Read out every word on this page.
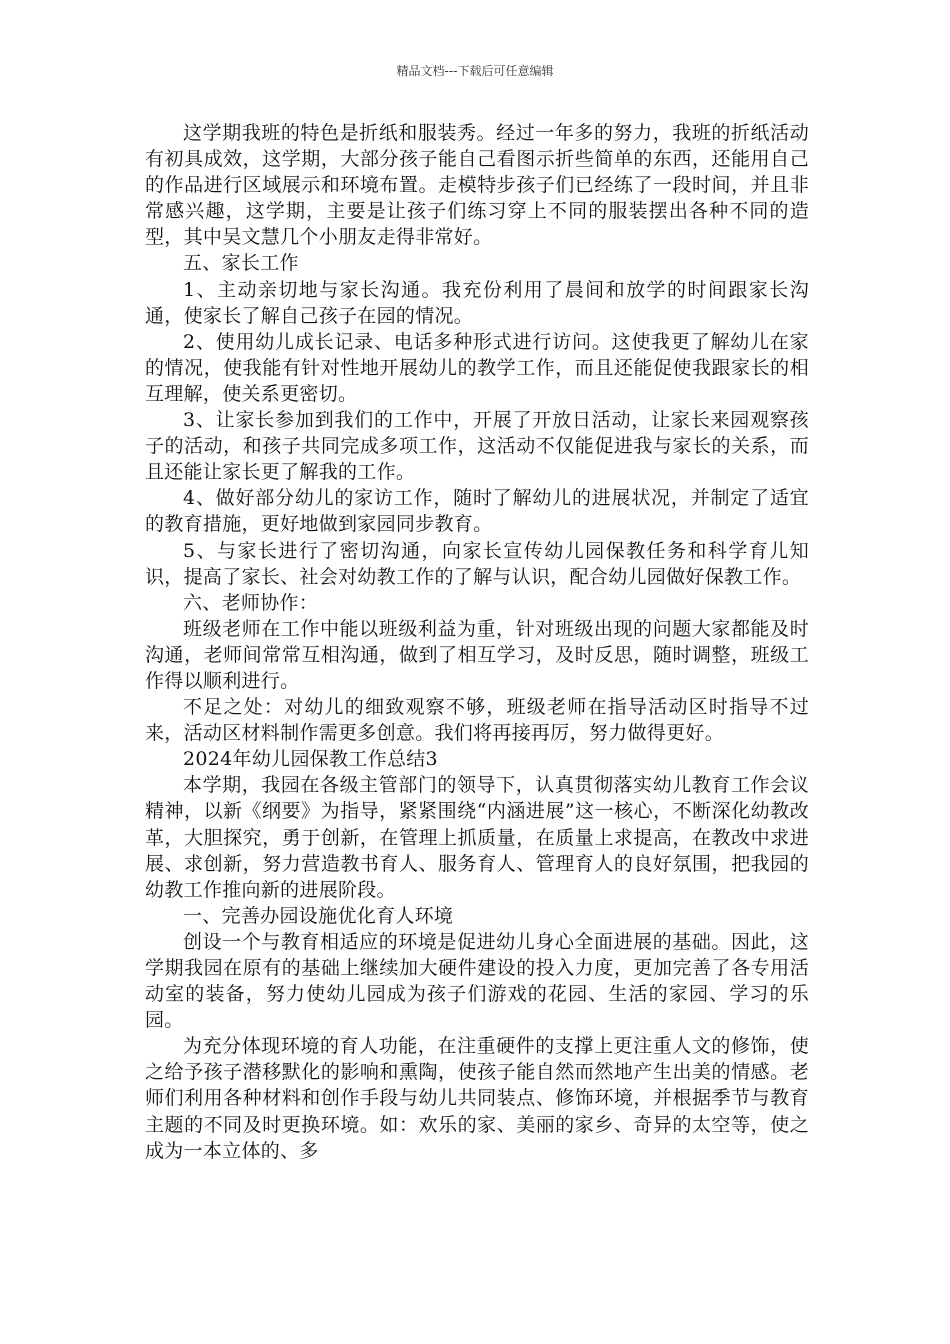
精品文档---下载后可任意编辑

这学期我班的特色是折纸和服装秀。经过一年多的努力，我班的折纸活动有初具成效，这学期，大部分孩子能自己看图示折些简单的东西，还能用自己的作品进行区域展示和环境布置。走模特步孩子们已经练了一段时间，并且非常感兴趣，这学期，主要是让孩子们练习穿上不同的服装摆出各种不同的造型，其中吴文慧几个小朋友走得非常好。

五、家长工作

1、主动亲切地与家长沟通。我充份利用了晨间和放学的时间跟家长沟通，使家长了解自己孩子在园的情况。

2、使用幼儿成长记录、电话多种形式进行访问。这使我更了解幼儿在家的情况，使我能有针对性地开展幼儿的教学工作，而且还能促使我跟家长的相互理解，使关系更密切。

3、让家长参加到我们的工作中，开展了开放日活动，让家长来园观察孩子的活动，和孩子共同完成多项工作，这活动不仅能促进我与家长的关系，而且还能让家长更了解我的工作。

4、做好部分幼儿的家访工作，随时了解幼儿的进展状况，并制定了适宜的教育措施，更好地做到家园同步教育。

5、与家长进行了密切沟通，向家长宣传幼儿园保教任务和科学育儿知识，提高了家长、社会对幼教工作的了解与认识，配合幼儿园做好保教工作。

六、老师协作：

班级老师在工作中能以班级利益为重，针对班级出现的问题大家都能及时沟通，老师间常常互相沟通，做到了相互学习，及时反思，随时调整，班级工作得以顺利进行。

不足之处：对幼儿的细致观察不够，班级老师在指导活动区时指导不过来，活动区材料制作需更多创意。我们将再接再厉，努力做得更好。

2024年幼儿园保教工作总结3

本学期，我园在各级主管部门的领导下，认真贯彻落实幼儿教育工作会议精神，以新《纲要》为指导，紧紧围绕“内涵进展”这一核心，不断深化幼教改革，大胆探究，勇于创新，在管理上抓质量，在质量上求提高，在教改中求进展、求创新，努力营造教书育人、服务育人、管理育人的良好氛围，把我园的幼教工作推向新的进展阶段。

一、完善办园设施优化育人环境

创设一个与教育相适应的环境是促进幼儿身心全面进展的基础。因此，这学期我园在原有的基础上继续加大硬件建设的投入力度，更加完善了各专用活动室的装备，努力使幼儿园成为孩子们游戏的花园、生活的家园、学习的乐园。

为充分体现环境的育人功能，在注重硬件的支撑上更注重人文的修饰，使之给予孩子潜移默化的影响和熏陶，使孩子能自然而然地产生出美的情感。老师们利用各种材料和创作手段与幼儿共同装点、修饰环境，并根据季节与教育主题的不同及时更换环境。如：欢乐的家、美丽的家乡、奇异的太空等，使之成为一本立体的、多
